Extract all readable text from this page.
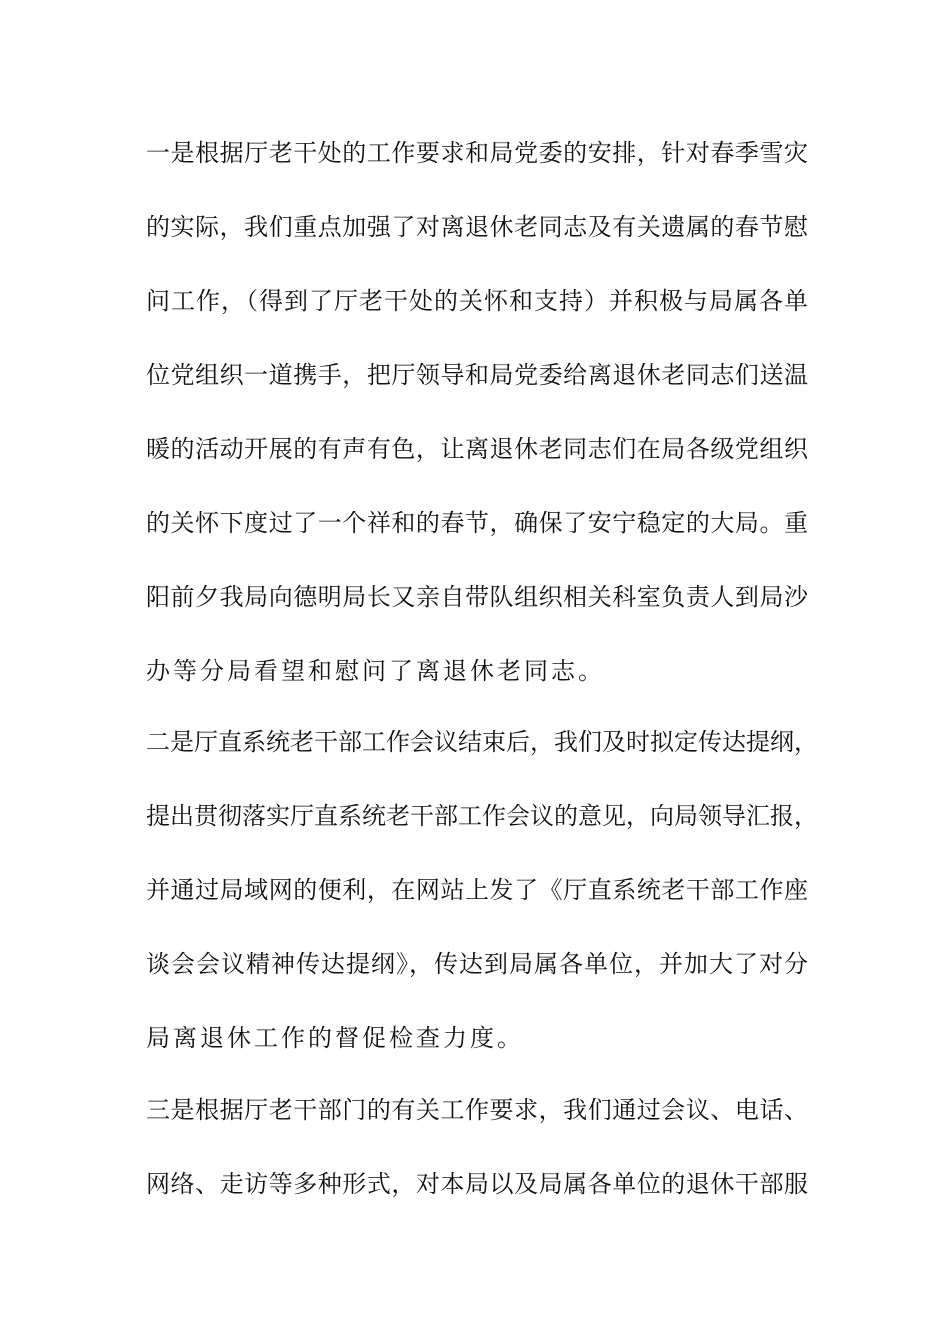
一是根据厅老干处的工作要求和局党委的安排，针对春季雪灾
的实际，我们重点加强了对离退休老同志及有关遗属的春节慰
问工作，（得到了厅老干处的关怀和支持）并积极与局属各单
位党组织一道携手，把厅领导和局党委给离退休老同志们送温
暖的活动开展的有声有色，让离退休老同志们在局各级党组织
的关怀下度过了一个祥和的春节，确保了安宁稳定的大局。重
阳前夕我局向德明局长又亲自带队组织相关科室负责人到局沙
办等分局看望和慰问了离退休老同志。
二是厅直系统老干部工作会议结束后，我们及时拟定传达提纲，
提出贯彻落实厅直系统老干部工作会议的意见，向局领导汇报，
并通过局域网的便利，在网站上发了《厅直系统老干部工作座
谈会会议精神传达提纲》，传达到局属各单位，并加大了对分
局离退休工作的督促检查力度。
三是根据厅老干部门的有关工作要求，我们通过会议、电话、
网络、走访等多种形式，对本局以及局属各单位的退休干部服
